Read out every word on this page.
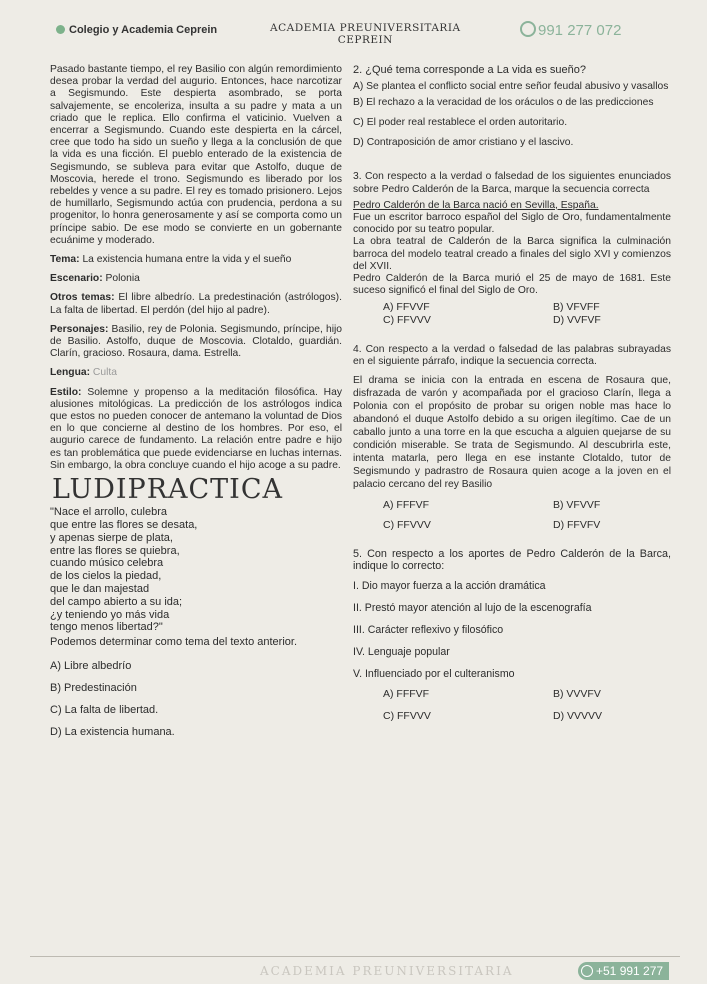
Colegio y Academia Ceprein	ACADEMIA PREUNIVERSITARIA
CEPREIN
991 277 072

Pasado bastante tiempo, el rey Basilio con algún remordimiento desea probar la verdad del augurio. Entonces, hace narcotizar a Segismundo. Este despierta asombrado, se porta salvajemente, se encoleriza, insulta a su padre y mata a un criado que le replica. Ello confirma el vaticinio. Vuelven a encerrar a Segismundo. Cuando este despierta en la cárcel, cree que todo ha sido un sueño y llega a la conclusión de que la vida es una ficción. El pueblo enterado de la existencia de Segismundo, se subleva para evitar que Astolfo, duque de Moscovia, herede el trono. Segismundo es liberado por los rebeldes y vence a su padre. El rey es tomado prisionero. Lejos de humillarlo, Segismundo actúa con prudencia, perdona a su progenitor, lo honra generosamente y así se comporta como un príncipe sabio. De ese modo se convierte en un gobernante ecuánime y moderado.

Tema: La existencia humana entre la vida y el sueño

Escenario: Polonia

Otros temas: El libre albedrío. La predestinación (astrólogos). La falta de libertad. El perdón (del hijo al padre).

Personajes: Basilio, rey de Polonia. Segismundo, príncipe, hijo de Basilio. Astolfo, duque de Moscovia. Clotaldo, guardián. Clarín, gracioso. Rosaura, dama. Estrella.

Lengua: Culta

Estilo: Solemne y propenso a la meditación filosófica. Hay alusiones mitológicas. La predicción de los astrólogos indica que estos no pueden conocer de antemano la voluntad de Dios en lo que concierne al destino de los hombres. Por eso, el augurio carece de fundamento. La relación entre padre e hijo es tan problemática que puede evidenciarse en luchas internas. Sin embargo, la obra concluye cuando el hijo acoge a su padre.

LUDIPRACTICA

"Nace el arrollo, culebra

que entre las flores se desata,

y apenas sierpe de plata,

entre las flores se quiebra,

cuando músico celebra

de los cielos la piedad,

que le dan majestad

del campo abierto a su ida;

¿y teniendo yo más vida

tengo menos libertad?"

Podemos determinar como tema del texto anterior.

A) Libre albedrío

B) Predestinación

C) La falta de libertad.

D) La existencia humana.

2. ¿Qué tema corresponde a La vida es sueño?

A) Se plantea el conflicto social entre señor feudal abusivo y vasallos

B) El rechazo a la veracidad de los oráculos o de las predicciones

C) El poder real restablece el orden autoritario.

D) Contraposición de amor cristiano y el lascivo.

3. Con respecto a la verdad o falsedad de los siguientes enunciados sobre Pedro Calderón de la Barca, marque la secuencia correcta

Pedro Calderón de la Barca nació en Sevilla, España.

Fue un escritor barroco español del Siglo de Oro, fundamentalmente conocido por su teatro popular.

La obra teatral de Calderón de la Barca significa la culminación barroca del modelo teatral creado a finales del siglo XVI y comienzos del XVII.

Pedro Calderón de la Barca murió el 25 de mayo de 1681. Este suceso significó el final del Siglo de Oro.

A) FFVVF	B) VFVFF
C) FFVVV	D) VVFVF

4. Con respecto a la verdad o falsedad de las palabras subrayadas en el siguiente párrafo, indique la secuencia correcta.

El drama se inicia con la entrada en escena de Rosaura que, disfrazada de varón y acompañada por el gracioso Clarín, llega a Polonia con el propósito de probar su origen noble mas hace lo abandonó el duque Astolfo debido a su origen ilegítimo. Cae de un caballo junto a una torre en la que escucha a alguien quejarse de su condición miserable. Se trata de Segismundo. Al descubrirla este, intenta matarla, pero llega en ese instante Clotaldo, tutor de Segismundo y padrastro de Rosaura quien acoge a la joven en el palacio cercano del rey Basilio

A) FFFVF	B) VFVVF
C) FFVVV	D) FFVFV

5. Con respecto a los aportes de Pedro Calderón de la Barca, indique lo correcto:

I. Dio mayor fuerza a la acción dramática

II. Prestó mayor atención al lujo de la escenografía

III. Carácter reflexivo y filosófico

IV. Lenguaje popular

V. Influenciado por el culteranismo

A) FFFVF	B) VVVFV
C) FFVVV	D) VVVVV
ACADEMIA PREUNIVERSITARIA	+51 991 277
